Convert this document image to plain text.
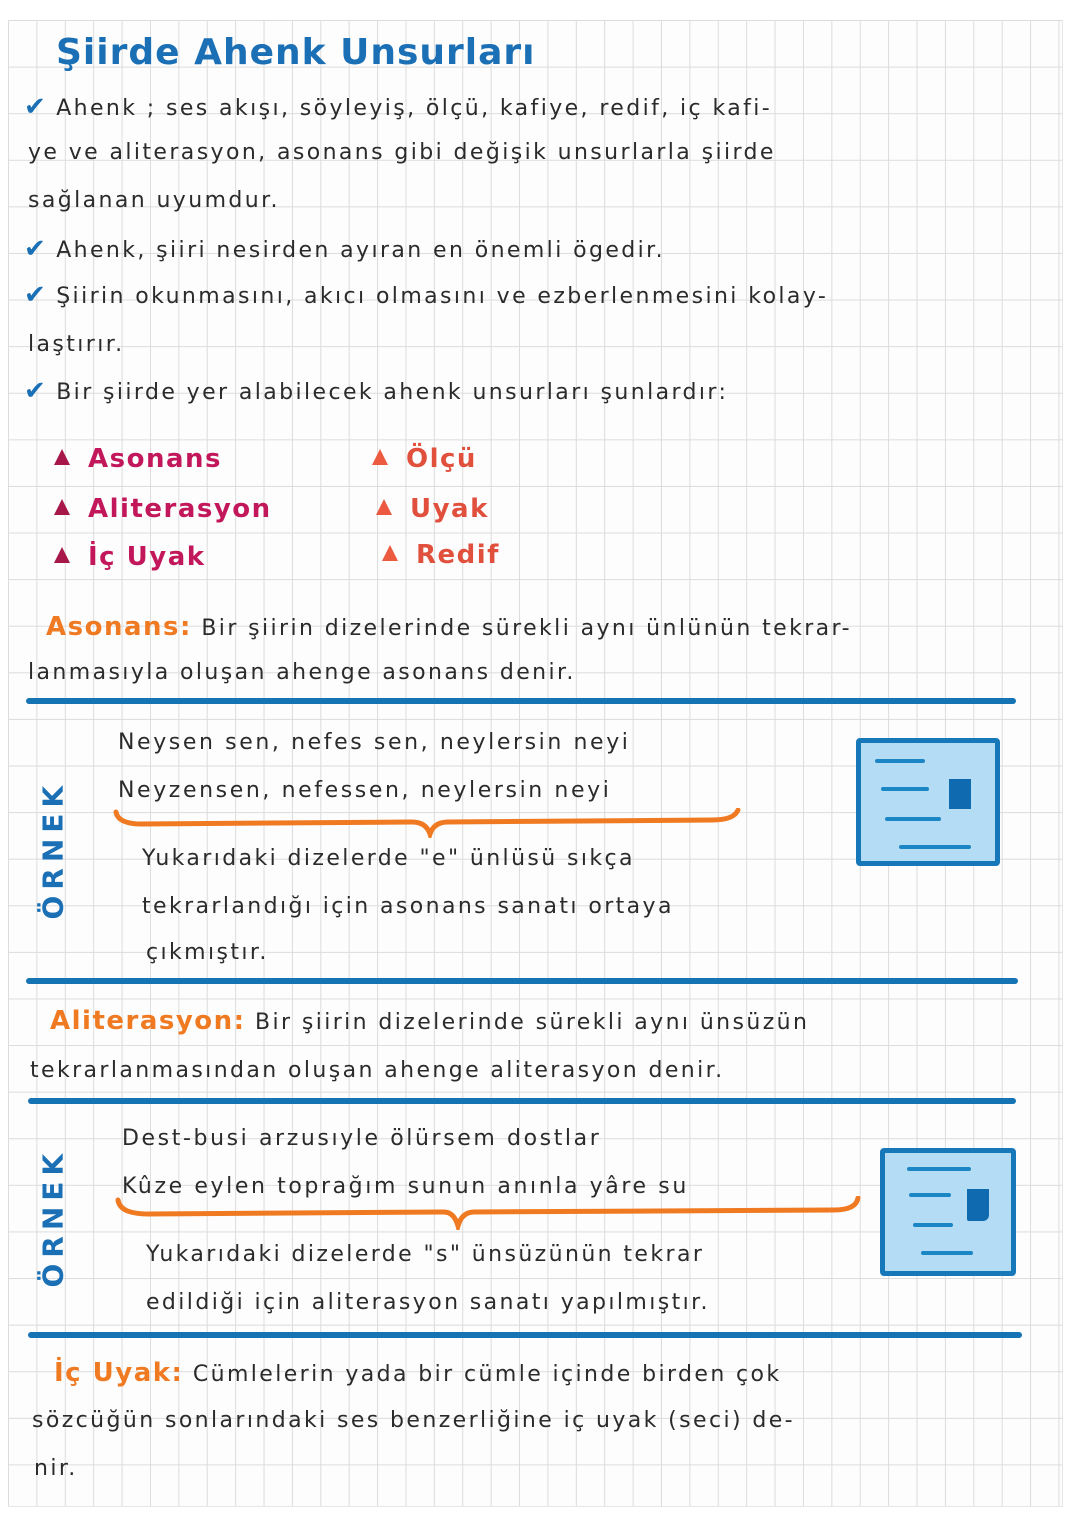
Şiirde Ahenk Unsurları
✔ Ahenk ; ses akışı, söyleyiş, ölçü, kafiye, redif, iç kafi-
ye ve aliterasyon, asonans gibi değişik unsurlarla şiirde
sağlanan uyumdur.
✔ Ahenk, şiiri nesirden ayıran en önemli ögedir.
✔ Şiirin okunmasını, akıcı olmasını ve ezberlenmesini kolay-
laştırır.
✔ Bir şiirde yer alabilecek ahenk unsurları şunlardır:
Asonans
Aliterasyon
İç Uyak
Ölçü
Uyak
Redif
Asonans: Bir şiirin dizelerinde sürekli aynı ünlünün tekrar-
lanmasıyla oluşan ahenge asonans denir.
ÖRNEK
Neysen sen, nefes sen, neylersin neyi
Neyzensen, nefessen, neylersin neyi
Yukarıdaki dizelerde "e" ünlüsü sıkça
tekrarlandığı için asonans sanatı ortaya
çıkmıştır.
Aliterasyon: Bir şiirin dizelerinde sürekli aynı ünsüzün
tekrarlanmasından oluşan ahenge aliterasyon denir.
ÖRNEK
Dest-busi arzusıyle ölürsem dostlar
Kûze eylen toprağım sunun anınla yâre su
Yukarıdaki dizelerde "s" ünsüzünün tekrar
edildiği için aliterasyon sanatı yapılmıştır.
İç Uyak: Cümlelerin yada bir cümle içinde birden çok
sözcüğün sonlarındaki ses benzerliğine iç uyak (seci) de-
nir.
